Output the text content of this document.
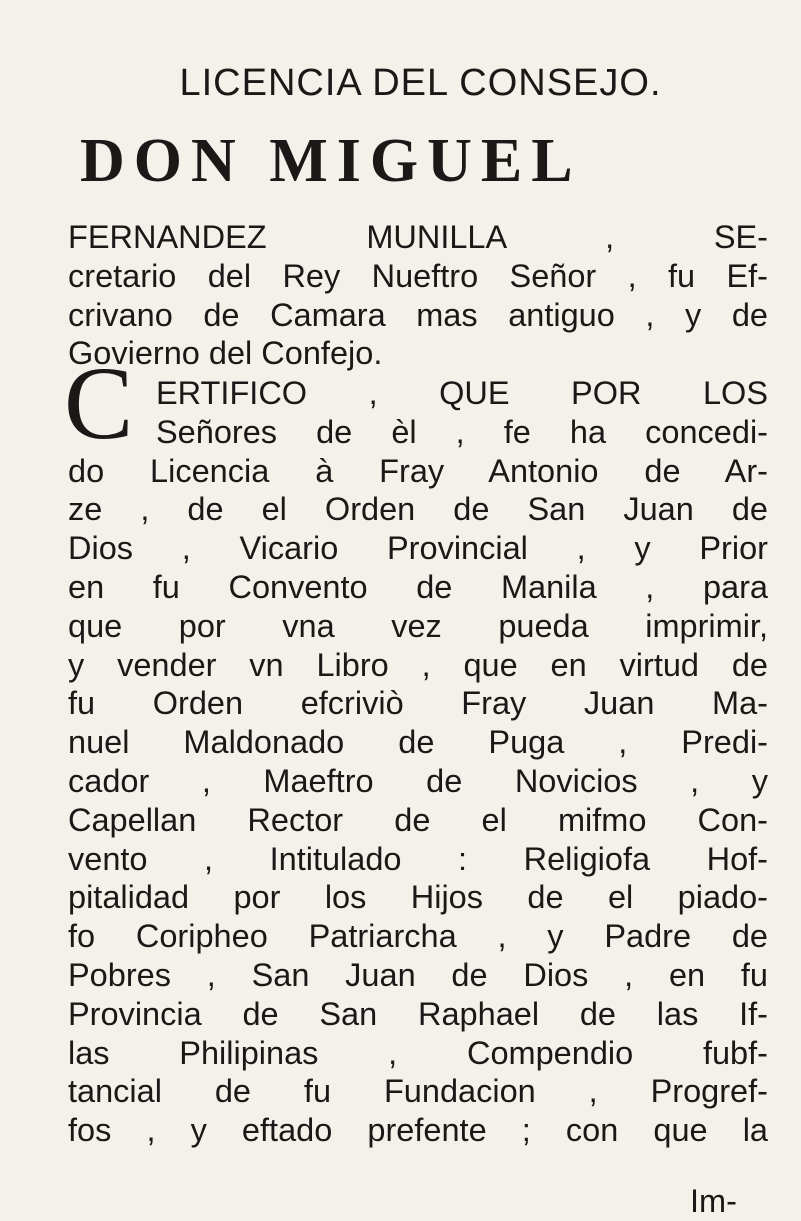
LICENCIA DEL CONSEJO.
DON MIGUEL
FERNANDEZ MUNILLA , SE-
cretario del Rey Nueftro Señor , fu Ef-
crivano de Camara mas antiguo , y de
Govierno del Confejo.
C ERTIFICO , QUE POR LOS
Señores de èl , fe ha concedi-
do Licencia à Fray Antonio de Ar-
ze , de el Orden de San Juan de
Dios , Vicario Provincial , y Prior
en fu Convento de Manila , para
que por vna vez pueda imprimir,
y vender vn Libro , que en virtud de
fu Orden efcriviò Fray Juan Ma-
nuel Maldonado de Puga , Predi-
cador , Maeftro de Novicios , y
Capellan Rector de el mifmo Con-
vento , Intitulado : Religiofa Hof-
pitalidad por los Hijos de el piado-
fo Coripheo Patriarcha , y Padre de
Pobres , San Juan de Dios , en fu
Provincia de San Raphael de las If-
las Philipinas , Compendio fubf-
tancial de fu Fundacion , Progref-
fos , y eftado prefente ; con que la
Im-
